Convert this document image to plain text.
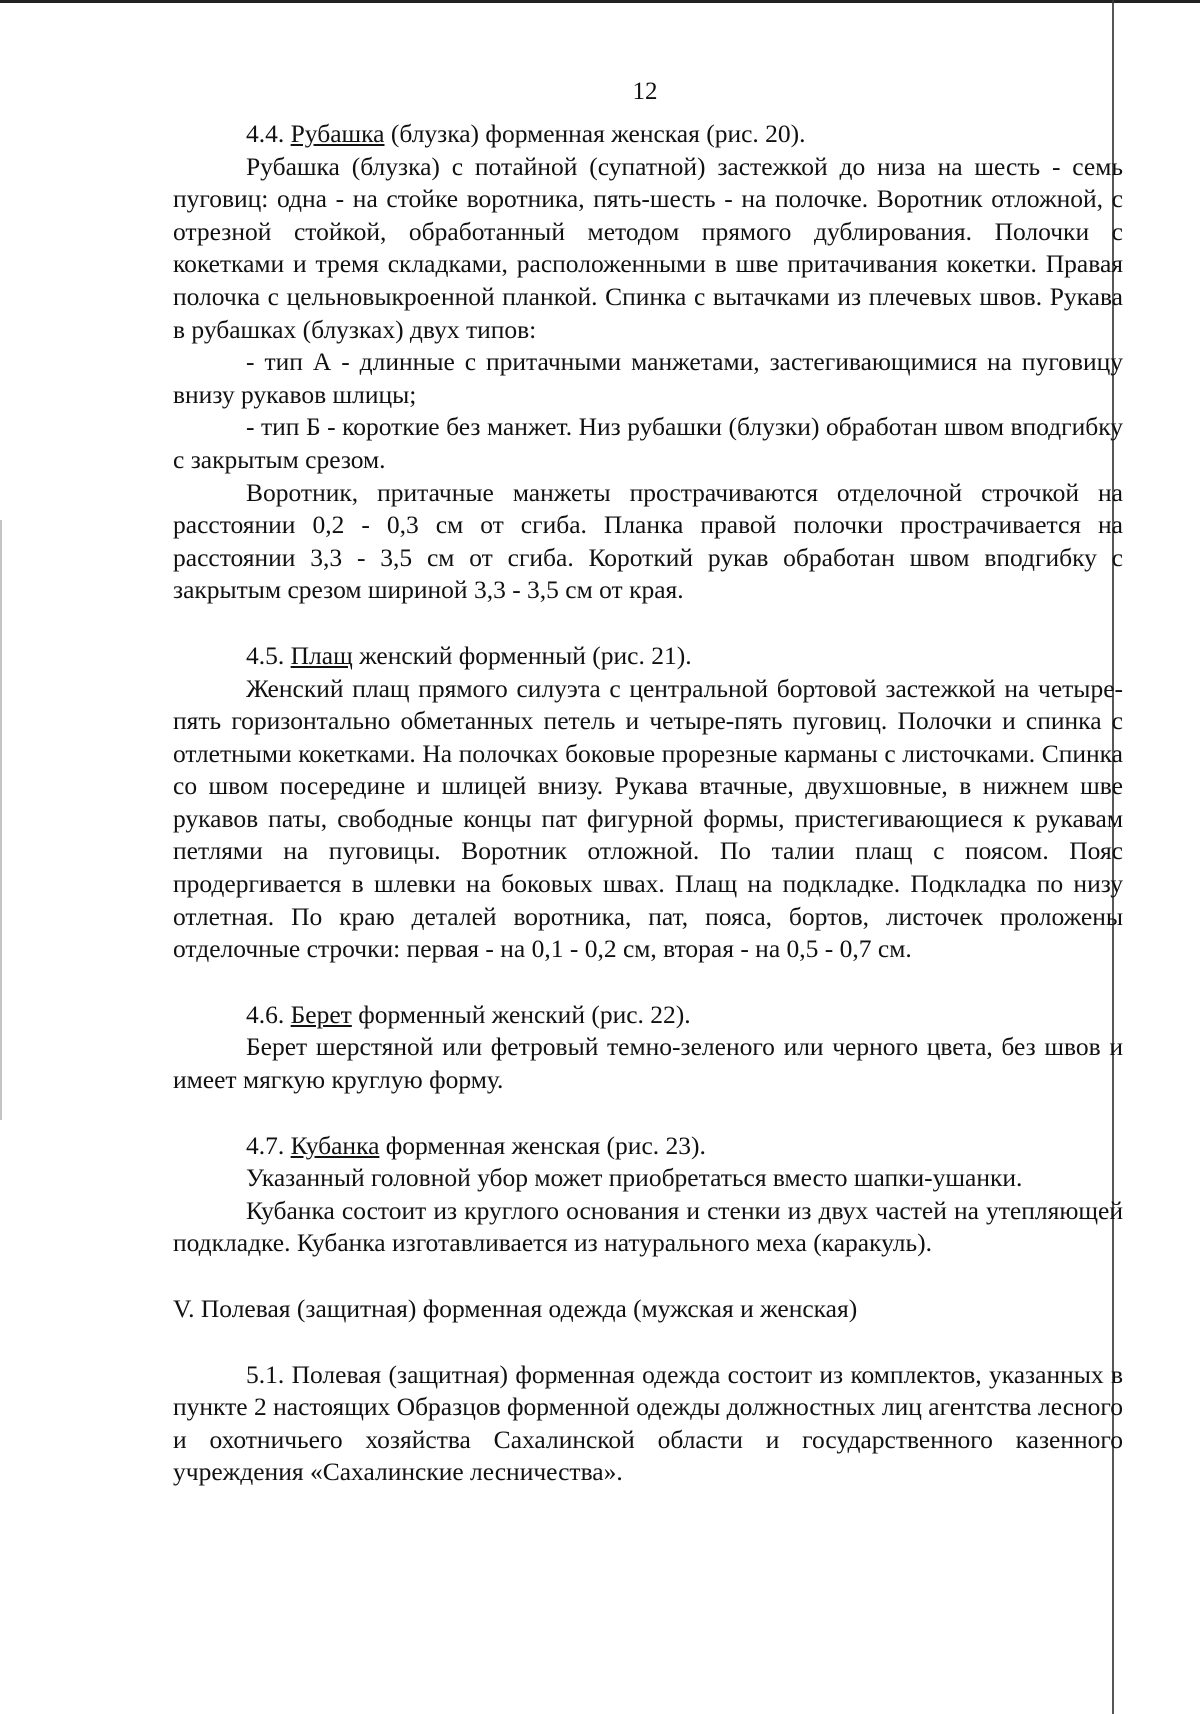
12

4.4. Рубашка (блузка) форменная женская (рис. 20).

Рубашка (блузка) с потайной (супатной) застежкой до низа на шесть - семь пуговиц: одна - на стойке воротника, пять-шесть - на полочке. Воротник отложной, с отрезной стойкой, обработанный методом прямого дублирования. Полочки с кокетками и тремя складками, расположенными в шве притачивания кокетки. Правая полочка с цельновыкроенной планкой. Спинка с вытачками из плечевых швов. Рукава в рубашках (блузках) двух типов:

- тип А - длинные с притачными манжетами, застегивающимися на пуговицу внизу рукавов шлицы;

- тип Б - короткие без манжет. Низ рубашки (блузки) обработан швом вподгибку с закрытым срезом.

Воротник, притачные манжеты прострачиваются отделочной строчкой на расстоянии 0,2 - 0,3 см от сгиба. Планка правой полочки прострачивается на расстоянии 3,3 - 3,5 см от сгиба. Короткий рукав обработан швом вподгибку с закрытым срезом шириной 3,3 - 3,5 см от края.

4.5. Плащ женский форменный (рис. 21).

Женский плащ прямого силуэта с центральной бортовой застежкой на четыре-пять горизонтально обметанных петель и четыре-пять пуговиц. Полочки и спинка с отлетными кокетками. На полочках боковые прорезные карманы с листочками. Спинка со швом посередине и шлицей внизу. Рукава втачные, двухшовные, в нижнем шве рукавов паты, свободные концы пат фигурной формы, пристегивающиеся к рукавам петлями на пуговицы. Воротник отложной. По талии плащ с поясом. Пояс продергивается в шлевки на боковых швах. Плащ на подкладке. Подкладка по низу отлетная. По краю деталей воротника, пат, пояса, бортов, листочек проложены отделочные строчки: первая - на 0,1 - 0,2 см, вторая - на 0,5 - 0,7 см.

4.6. Берет форменный женский (рис. 22).

Берет шерстяной или фетровый темно-зеленого или черного цвета, без швов и имеет мягкую круглую форму.

4.7. Кубанка форменная женская (рис. 23).

Указанный головной убор может приобретаться вместо шапки-ушанки.

Кубанка состоит из круглого основания и стенки из двух частей на утепляющей подкладке. Кубанка изготавливается из натурального меха (каракуль).

V. Полевая (защитная) форменная одежда (мужская и женская)

5.1. Полевая (защитная) форменная одежда состоит из комплектов, указанных в пункте 2 настоящих Образцов форменной одежды должностных лиц агентства лесного и охотничьего хозяйства Сахалинской области и государственного казенного учреждения «Сахалинские лесничества».
